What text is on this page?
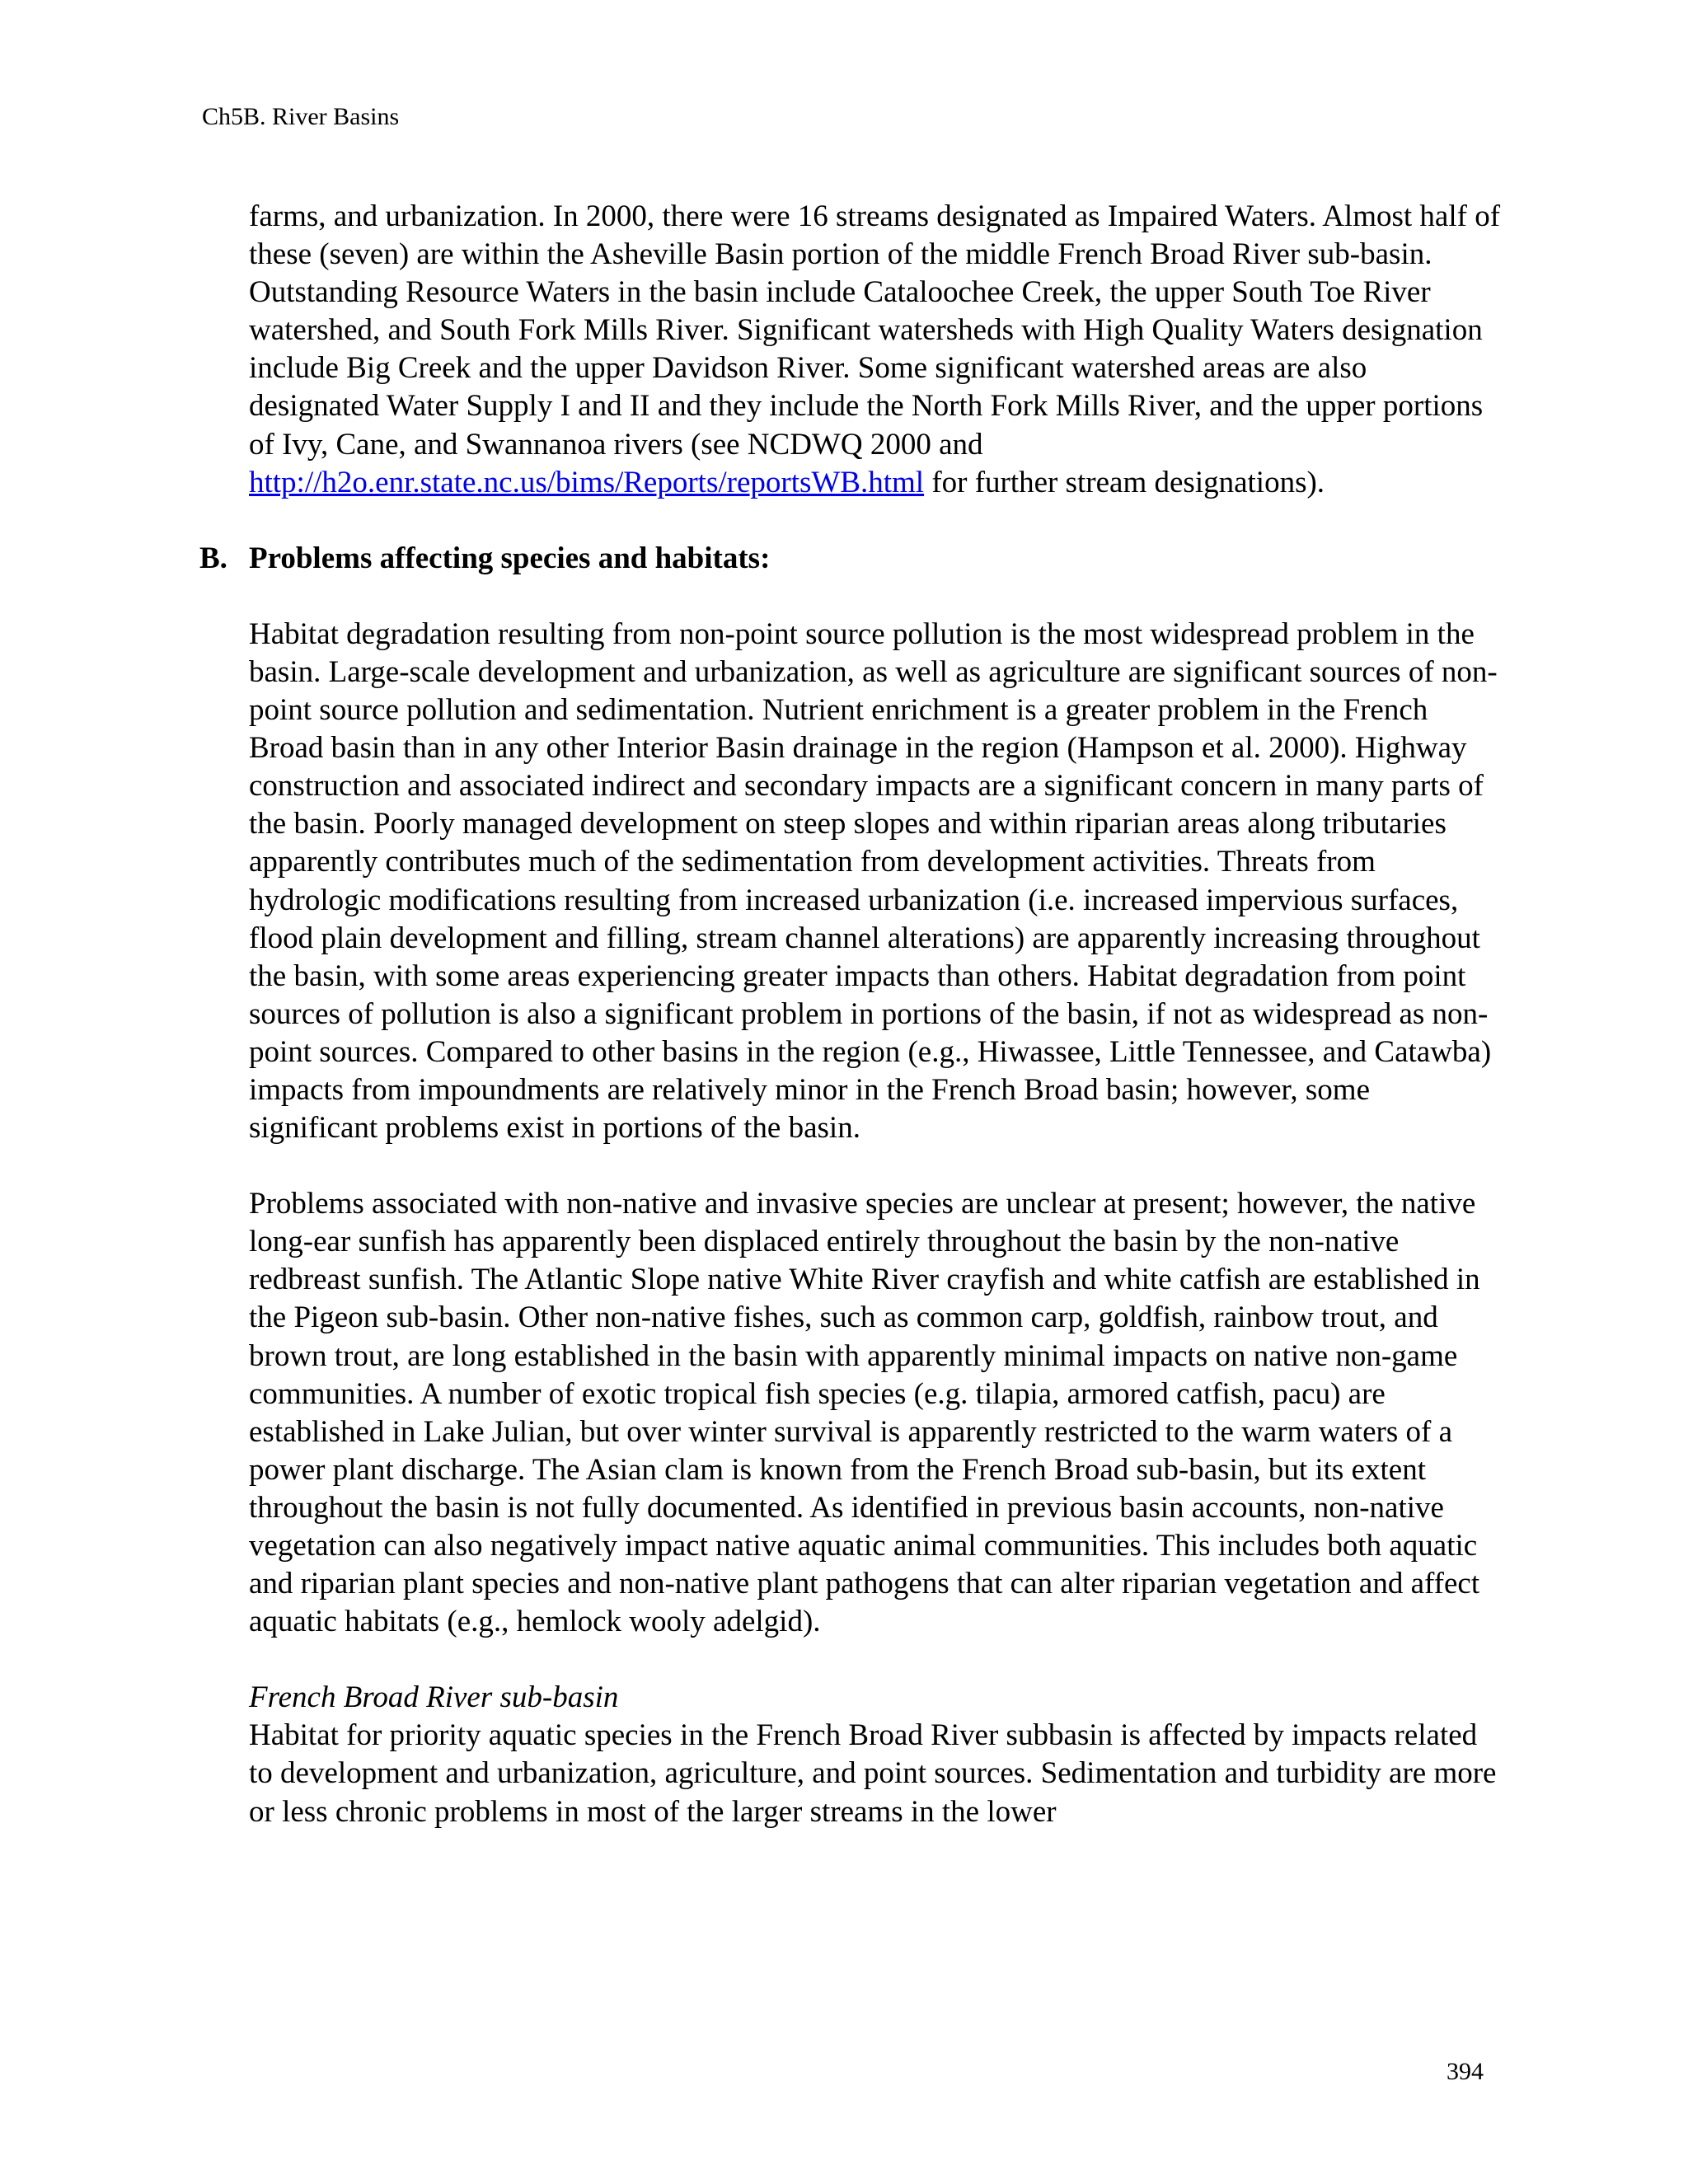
Ch5B. River Basins

farms, and urbanization. In 2000, there were 16 streams designated as Impaired Waters. Almost half of these (seven) are within the Asheville Basin portion of the middle French Broad River sub-basin. Outstanding Resource Waters in the basin include Cataloochee Creek, the upper South Toe River watershed, and South Fork Mills River. Significant watersheds with High Quality Waters designation include Big Creek and the upper Davidson River. Some significant watershed areas are also designated Water Supply I and II and they include the North Fork Mills River, and the upper portions of Ivy, Cane, and Swannanoa rivers (see NCDWQ 2000 and http://h2o.enr.state.nc.us/bims/Reports/reportsWB.html for further stream designations).

B. Problems affecting species and habitats:

Habitat degradation resulting from non-point source pollution is the most widespread problem in the basin. Large-scale development and urbanization, as well as agriculture are significant sources of non-point source pollution and sedimentation. Nutrient enrichment is a greater problem in the French Broad basin than in any other Interior Basin drainage in the region (Hampson et al. 2000). Highway construction and associated indirect and secondary impacts are a significant concern in many parts of the basin. Poorly managed development on steep slopes and within riparian areas along tributaries apparently contributes much of the sedimentation from development activities. Threats from hydrologic modifications resulting from increased urbanization (i.e. increased impervious surfaces, flood plain development and filling, stream channel alterations) are apparently increasing throughout the basin, with some areas experiencing greater impacts than others. Habitat degradation from point sources of pollution is also a significant problem in portions of the basin, if not as widespread as non-point sources. Compared to other basins in the region (e.g., Hiwassee, Little Tennessee, and Catawba) impacts from impoundments are relatively minor in the French Broad basin; however, some significant problems exist in portions of the basin.

Problems associated with non-native and invasive species are unclear at present; however, the native long-ear sunfish has apparently been displaced entirely throughout the basin by the non-native redbreast sunfish. The Atlantic Slope native White River crayfish and white catfish are established in the Pigeon sub-basin. Other non-native fishes, such as common carp, goldfish, rainbow trout, and brown trout, are long established in the basin with apparently minimal impacts on native non-game communities. A number of exotic tropical fish species (e.g. tilapia, armored catfish, pacu) are established in Lake Julian, but over winter survival is apparently restricted to the warm waters of a power plant discharge. The Asian clam is known from the French Broad sub-basin, but its extent throughout the basin is not fully documented. As identified in previous basin accounts, non-native vegetation can also negatively impact native aquatic animal communities. This includes both aquatic and riparian plant species and non-native plant pathogens that can alter riparian vegetation and affect aquatic habitats (e.g., hemlock wooly adelgid).

French Broad River sub-basin

Habitat for priority aquatic species in the French Broad River subbasin is affected by impacts related to development and urbanization, agriculture, and point sources. Sedimentation and turbidity are more or less chronic problems in most of the larger streams in the lower

394
